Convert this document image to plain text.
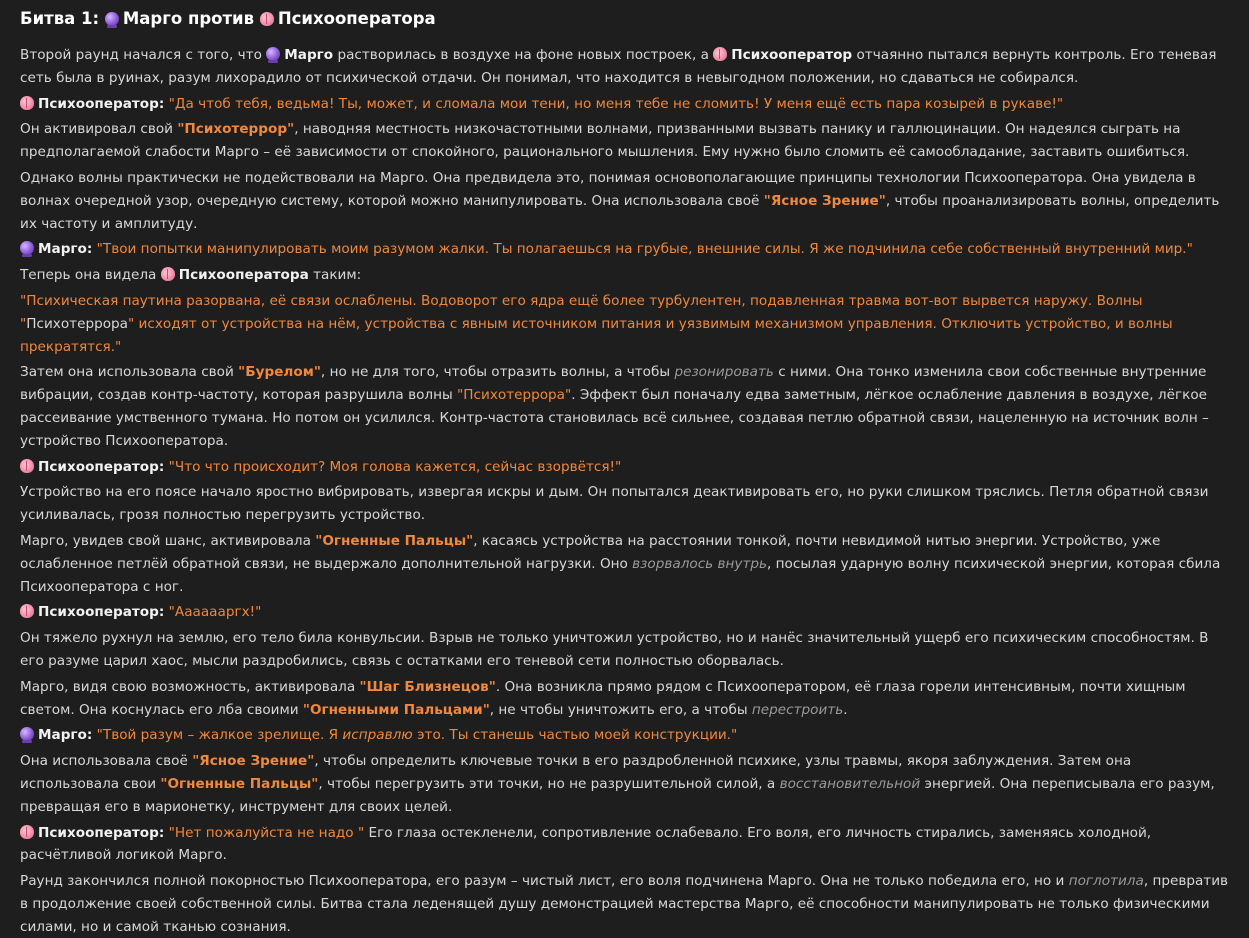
Битва 1: Марго против Психооператора

Второй раунд начался с того, что Марго растворилась в воздухе на фоне новых построек, а Психооператор отчаянно пытался вернуть контроль. Его теневая сеть была в руинах, разум лихорадило от психической отдачи. Он понимал, что находится в невыгодном положении, но сдаваться не собирался.

Психооператор: "Да чтоб тебя, ведьма! Ты, может, и сломала мои тени, но меня тебе не сломить! У меня ещё есть пара козырей в рукаве!"

Он активировал свой "Психотеррор", наводняя местность низкочастотными волнами, призванными вызвать панику и галлюцинации. Он надеялся сыграть на предполагаемой слабости Марго – её зависимости от спокойного, рационального мышления. Ему нужно было сломить её самообладание, заставить ошибиться.

Однако волны практически не подействовали на Марго. Она предвидела это, понимая основополагающие принципы технологии Психооператора. Она увидела в волнах очередной узор, очередную систему, которой можно манипулировать. Она использовала своё "Ясное Зрение", чтобы проанализировать волны, определить их частоту и амплитуду.

Марго: "Твои попытки манипулировать моим разумом жалки. Ты полагаешься на грубые, внешние силы. Я же подчинила себе собственный внутренний мир."

Теперь она видела Психооператора таким:

"Психическая паутина разорвана, её связи ослаблены. Водоворот его ядра ещё более турбулентен, подавленная травма вот-вот вырвется наружу. Волны "Психотеррора" исходят от устройства на нём, устройства с явным источником питания и уязвимым механизмом управления. Отключить устройство, и волны прекратятся."

Затем она использовала свой "Бурелом", но не для того, чтобы отразить волны, а чтобы резонировать с ними. Она тонко изменила свои собственные внутренние вибрации, создав контр-частоту, которая разрушила волны "Психотеррора". Эффект был поначалу едва заметным, лёгкое ослабление давления в воздухе, лёгкое рассеивание умственного тумана. Но потом он усилился. Контр-частота становилась всё сильнее, создавая петлю обратной связи, нацеленную на источник волн – устройство Психооператора.

Психооператор: "Что что происходит? Моя голова кажется, сейчас взорвётся!"

Устройство на его поясе начало яростно вибрировать, извергая искры и дым. Он попытался деактивировать его, но руки слишком тряслись. Петля обратной связи усиливалась, грозя полностью перегрузить устройство.

Марго, увидев свой шанс, активировала "Огненные Пальцы", касаясь устройства на расстоянии тонкой, почти невидимой нитью энергии. Устройство, уже ослабленное петлёй обратной связи, не выдержало дополнительной нагрузки. Оно взорвалось внутрь, посылая ударную волну психической энергии, которая сбила Психооператора с ног.

Психооператор: "Ааааааргх!"

Он тяжело рухнул на землю, его тело била конвульсии. Взрыв не только уничтожил устройство, но и нанёс значительный ущерб его психическим способностям. В его разуме царил хаос, мысли раздробились, связь с остатками его теневой сети полностью оборвалась.

Марго, видя свою возможность, активировала "Шаг Близнецов". Она возникла прямо рядом с Психооператором, её глаза горели интенсивным, почти хищным светом. Она коснулась его лба своими "Огненными Пальцами", не чтобы уничтожить его, а чтобы перестроить.

Марго: "Твой разум – жалкое зрелище. Я исправлю это. Ты станешь частью моей конструкции."

Она использовала своё "Ясное Зрение", чтобы определить ключевые точки в его раздробленной психике, узлы травмы, якоря заблуждения. Затем она использовала свои "Огненные Пальцы", чтобы перегрузить эти точки, но не разрушительной силой, а восстановительной энергией. Она переписывала его разум, превращая его в марионетку, инструмент для своих целей.

Психооператор: "Нет пожалуйста не надо " Его глаза остекленели, сопротивление ослабевало. Его воля, его личность стирались, заменяясь холодной, расчётливой логикой Марго.

Раунд закончился полной покорностью Психооператора, его разум – чистый лист, его воля подчинена Марго. Она не только победила его, но и поглотила, превратив в продолжение своей собственной силы. Битва стала леденящей душу демонстрацией мастерства Марго, её способности манипулировать не только физическими силами, но и самой тканью сознания.
